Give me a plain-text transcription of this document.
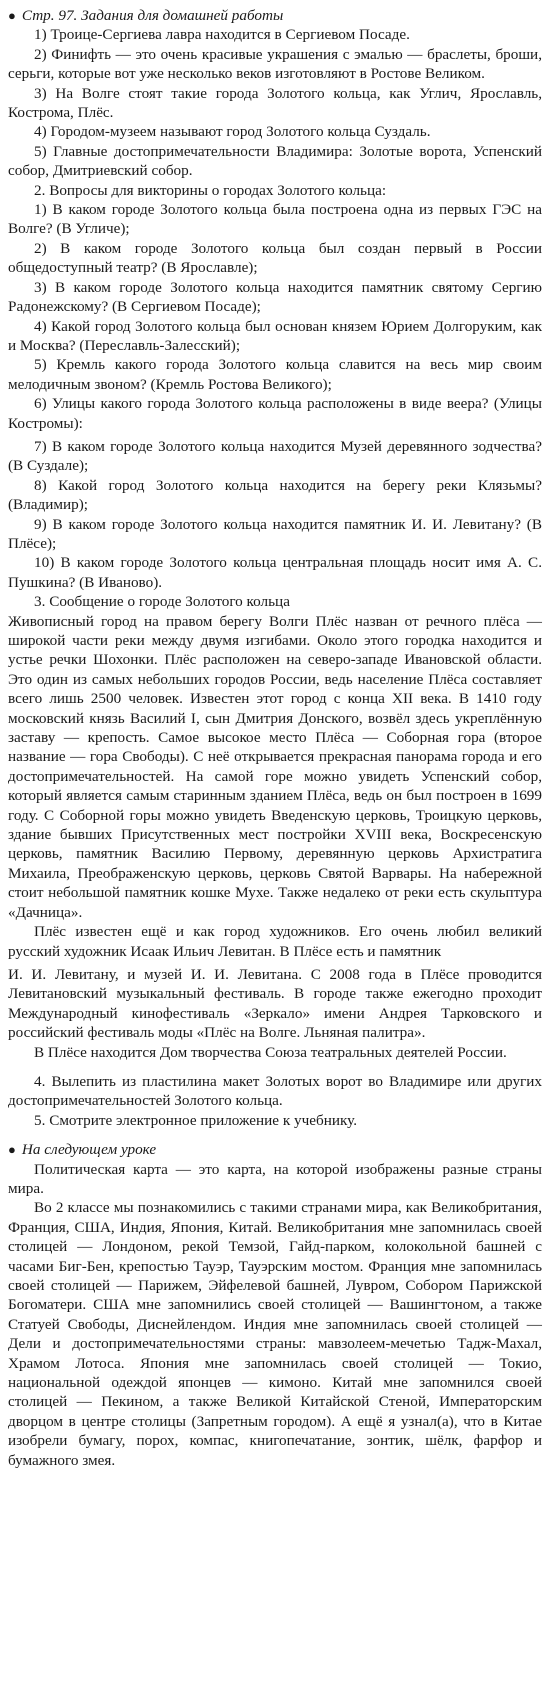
● Стр. 97. Задания для домашней работы

1) Троице-Сергиева лавра находится в Сергиевом Посаде.

2) Финифть — это очень красивые украшения с эмалью — браслеты, броши, серьги, которые вот уже несколько веков изготовляют в Ростове Великом.

3) На Волге стоят такие города Золотого кольца, как Углич, Ярославль, Кострома, Плёс.

4) Городом-музеем называют город Золотого кольца Суздаль.

5) Главные достопримечательности Владимира: Золотые ворота, Успенский собор, Дмитриевский собор.

2. Вопросы для викторины о городах Золотого кольца:

1) В каком городе Золотого кольца была построена одна из первых ГЭС на Волге? (В Угличе);

2) В каком городе Золотого кольца был создан первый в России общедоступный театр? (В Ярославле);

3) В каком городе Золотого кольца находится памятник святому Сергию Радонежскому? (В Сергиевом Посаде);

4) Какой город Золотого кольца был основан князем Юрием Долгоруким, как и Москва? (Переславль-Залесский);

5) Кремль какого города Золотого кольца славится на весь мир своим мелодичным звоном? (Кремль Ростова Великого);

6) Улицы какого города Золотого кольца расположены в виде веера? (Улицы Костромы):

7) В каком городе Золотого кольца находится Музей деревянного зодчества? (В Суздале);

8) Какой город Золотого кольца находится на берегу реки Клязьмы? (Владимир);

9) В каком городе Золотого кольца находится памятник И. И. Левитану? (В Плёсе);

10) В каком городе Золотого кольца центральная площадь носит имя А. С. Пушкина? (В Иваново).

3. Сообщение о городе Золотого кольца

Живописный город на правом берегу Волги Плёс назван от речного плёса — широкой части реки между двумя изгибами. Около этого городка находится и устье речки Шохонки. Плёс расположен на северо-западе Ивановской области. Это один из самых небольших городов России, ведь население Плёса составляет всего лишь 2500 человек. Известен этот город с конца XII века. В 1410 году московский князь Василий I, сын Дмитрия Донского, возвёл здесь укреплённую заставу — крепость. Самое высокое место Плёса — Соборная гора (второе название — гора Свободы). С неё открывается прекрасная панорама города и его достопримечательностей. На самой горе можно увидеть Успенский собор, который является самым старинным зданием Плёса, ведь он был построен в 1699 году. С Соборной горы можно увидеть Введенскую церковь, Троицкую церковь, здание бывших Присутственных мест постройки XVIII века, Воскресенскую церковь, памятник Василию Первому, деревянную церковь Архистратига Михаила, Преображенскую церковь, церковь Святой Варвары. На набережной стоит небольшой памятник кошке Мухе. Также недалеко от реки есть скульптура «Дачница».

Плёс известен ещё и как город художников. Его очень любил великий русский художник Исаак Ильич Левитан. В Плёсе есть и памятник

И. И. Левитану, и музей И. И. Левитана. С 2008 года в Плёсе проводится Левитановский музыкальный фестиваль. В городе также ежегодно проходит Международный кинофестиваль «Зеркало» имени Андрея Тарковского и российский фестиваль моды «Плёс на Волге. Льняная палитра».

В Плёсе находится Дом творчества Союза театральных деятелей России.

4. Вылепить из пластилина макет Золотых ворот во Владимире или других достопримечательностей Золотого кольца.

5. Смотрите электронное приложение к учебнику.

● На следующем уроке

Политическая карта — это карта, на которой изображены разные страны мира.

Во 2 классе мы познакомились с такими странами мира, как Великобритания, Франция, США, Индия, Япония, Китай. Великобритания мне запомнилась своей столицей — Лондоном, рекой Темзой, Гайд-парком, колокольной башней с часами Биг-Бен, крепостью Тауэр, Тауэрским мостом. Франция мне запомнилась своей столицей — Парижем, Эйфелевой башней, Лувром, Собором Парижской Богоматери. США мне запомнились своей столицей — Вашингтоном, а также Статуей Свободы, Диснейлендом. Индия мне запомнилась своей столицей — Дели и достопримечательностями страны: мавзолеем-мечетью Тадж-Махал, Храмом Лотоса. Япония мне запомнилась своей столицей — Токио, национальной одеждой японцев — кимоно. Китай мне запомнился своей столицей — Пекином, а также Великой Китайской Стеной, Императорским дворцом в центре столицы (Запретным городом). А ещё я узнал(а), что в Китае изобрели бумагу, порох, компас, книгопечатание, зонтик, шёлк, фарфор и бумажного змея.
